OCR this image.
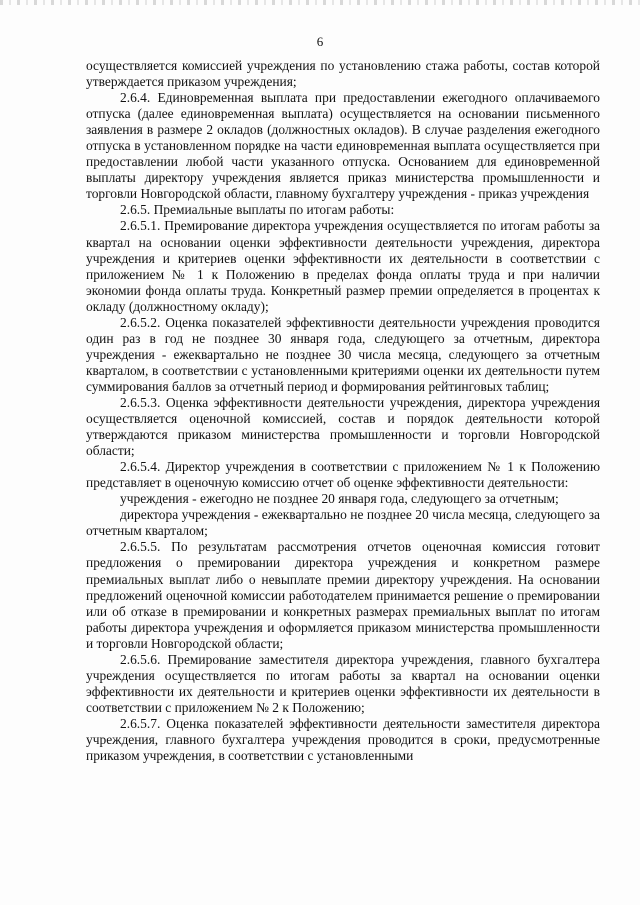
6

осуществляется комиссией учреждения по установлению стажа работы, состав которой утверждается приказом учреждения;

2.6.4. Единовременная выплата при предоставлении ежегодного оплачиваемого отпуска (далее единовременная выплата) осуществляется на основании письменного заявления в размере 2 окладов (должностных окладов). В случае разделения ежегодного отпуска в установленном порядке на части единовременная выплата осуществляется при предоставлении любой части указанного отпуска. Основанием для единовременной выплаты директору учреждения является приказ министерства промышленности и торговли Новгородской области, главному бухгалтеру учреждения - приказ учреждения

2.6.5. Премиальные выплаты по итогам работы:

2.6.5.1. Премирование директора учреждения осуществляется по итогам работы за квартал на основании оценки эффективности деятельности учреждения, директора учреждения и критериев оценки эффективности их деятельности в соответствии с приложением № 1 к Положению в пределах фонда оплаты труда и при наличии экономии фонда оплаты труда. Конкретный размер премии определяется в процентах к окладу (должностному окладу);

2.6.5.2. Оценка показателей эффективности деятельности учреждения проводится один раз в год не позднее 30 января года, следующего за отчетным, директора учреждения - ежеквартально не позднее 30 числа месяца, следующего за отчетным кварталом, в соответствии с установленными критериями оценки их деятельности путем суммирования баллов за отчетный период и формирования рейтинговых таблиц;

2.6.5.3. Оценка эффективности деятельности учреждения, директора учреждения осуществляется оценочной комиссией, состав и порядок деятельности которой утверждаются приказом министерства промышленности и торговли Новгородской области;

2.6.5.4. Директор учреждения в соответствии с приложением № 1 к Положению представляет в оценочную комиссию отчет об оценке эффективности деятельности:

учреждения - ежегодно не позднее 20 января года, следующего за отчетным;

директора учреждения - ежеквартально не позднее 20 числа месяца, следующего за отчетным кварталом;

2.6.5.5. По результатам рассмотрения отчетов оценочная комиссия готовит предложения о премировании директора учреждения и конкретном размере премиальных выплат либо о невыплате премии директору учреждения. На основании предложений оценочной комиссии работодателем принимается решение о премировании или об отказе в премировании и конкретных размерах премиальных выплат по итогам работы директора учреждения и оформляется приказом министерства промышленности и торговли Новгородской области;

2.6.5.6. Премирование заместителя директора учреждения, главного бухгалтера учреждения осуществляется по итогам работы за квартал на основании оценки эффективности их деятельности и критериев оценки эффективности их деятельности в соответствии с приложением № 2 к Положению;

2.6.5.7. Оценка показателей эффективности деятельности заместителя директора учреждения, главного бухгалтера учреждения проводится в сроки, предусмотренные приказом учреждения, в соответствии с установленными
